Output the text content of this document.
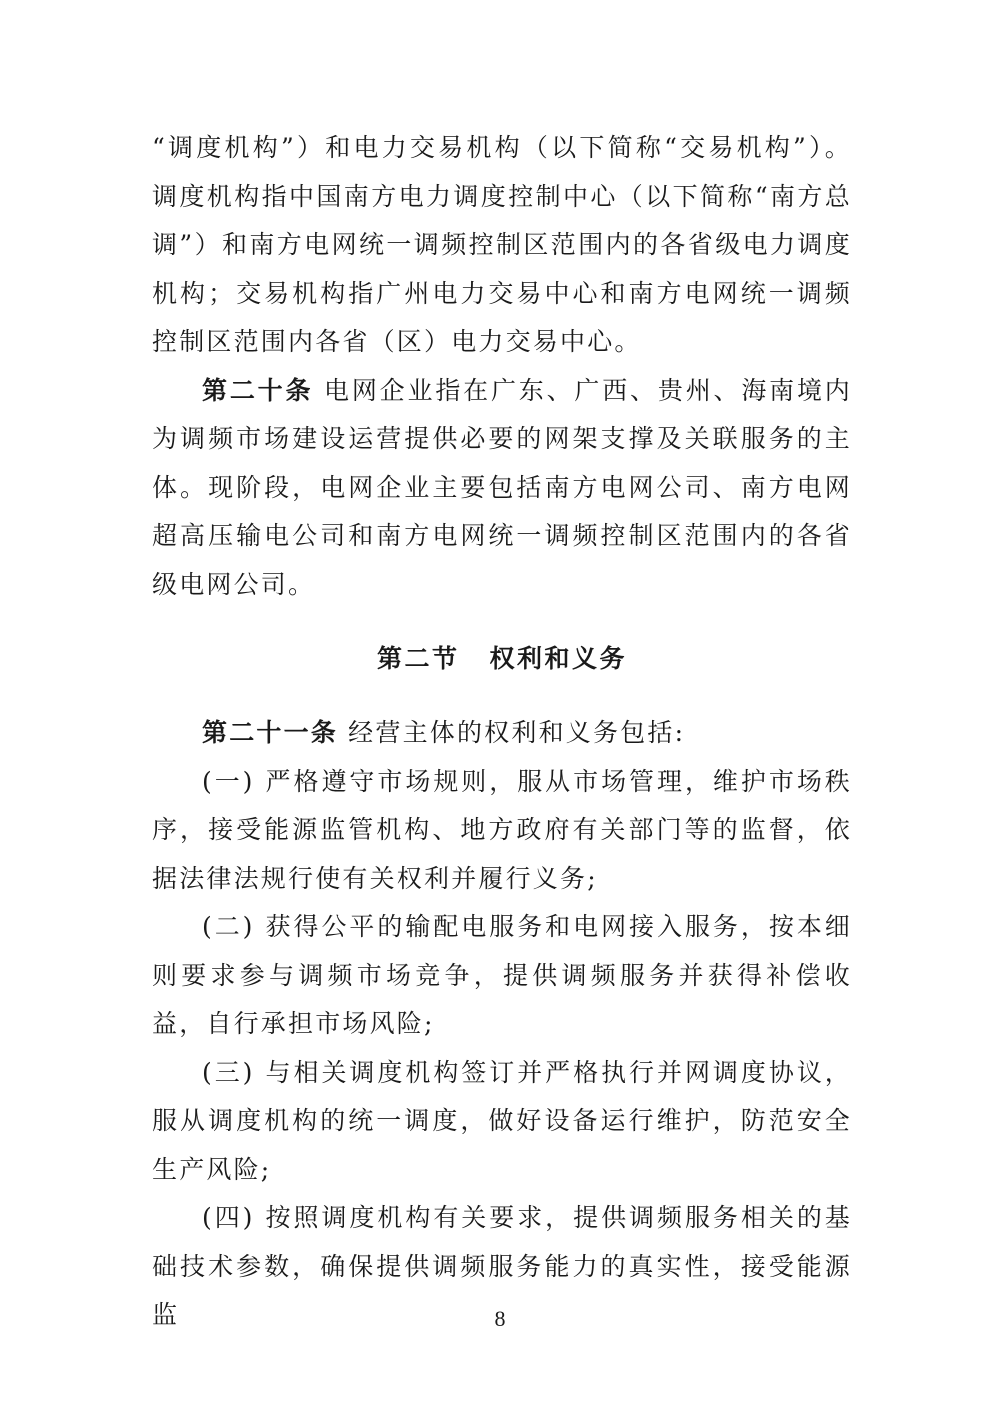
“调度机构”）和电力交易机构（以下简称“交易机构”）。调度机构指中国南方电力调度控制中心（以下简称“南方总调”）和南方电网统一调频控制区范围内的各省级电力调度机构；交易机构指广州电力交易中心和南方电网统一调频控制区范围内各省（区）电力交易中心。

第二十条 电网企业指在广东、广西、贵州、海南境内为调频市场建设运营提供必要的网架支撑及关联服务的主体。现阶段，电网企业主要包括南方电网公司、南方电网超高压输电公司和南方电网统一调频控制区范围内的各省级电网公司。

第二节 权利和义务

第二十一条 经营主体的权利和义务包括:

(一) 严格遵守市场规则，服从市场管理，维护市场秩序，接受能源监管机构、地方政府有关部门等的监督，依据法律法规行使有关权利并履行义务;

(二) 获得公平的输配电服务和电网接入服务，按本细则要求参与调频市场竞争，提供调频服务并获得补偿收益，自行承担市场风险;

(三) 与相关调度机构签订并严格执行并网调度协议，服从调度机构的统一调度，做好设备运行维护，防范安全生产风险;

(四) 按照调度机构有关要求，提供调频服务相关的基础技术参数，确保提供调频服务能力的真实性，接受能源监	8
